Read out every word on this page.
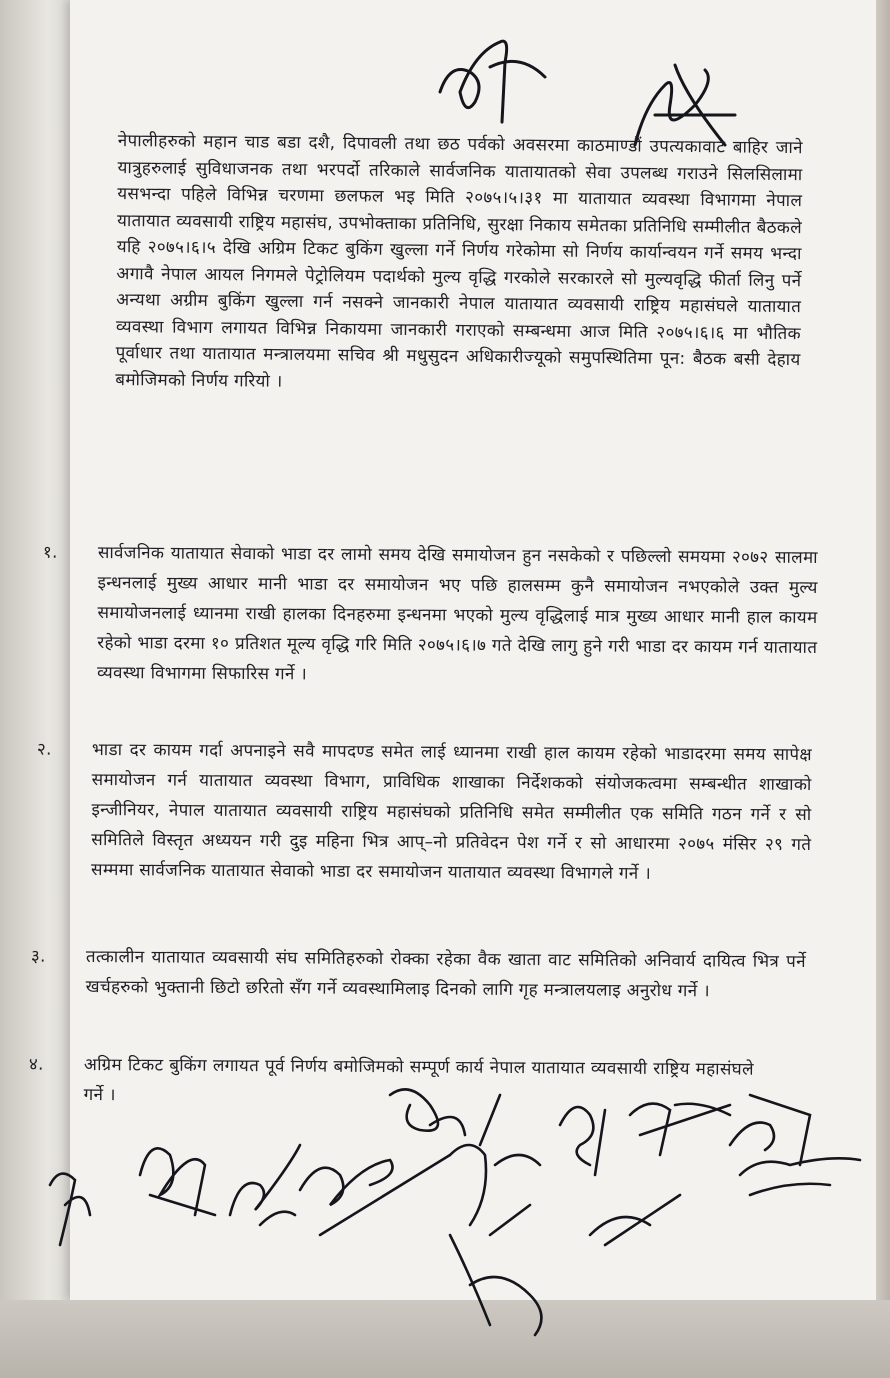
नेपालीहरुको महान चाड बडा दशै, दिपावली तथा छठ पर्वको अवसरमा काठमाण्डौं उपत्यकावाट बाहिर जाने यात्रुहरुलाई सुविधाजनक तथा भरपर्दो तरिकाले सार्वजनिक यातायातको सेवा उपलब्ध गराउने सिलसिलामा यसभन्दा पहिले विभिन्न चरणमा छलफल भइ मिति २०७५।५।३१ मा यातायात व्यवस्था विभागमा नेपाल यातायात व्यवसायी राष्ट्रिय महासंघ, उपभोक्ताका प्रतिनिधि, सुरक्षा निकाय समेतका प्रतिनिधि सम्मीलीत बैठकले यहि २०७५।६।५ देखि अग्रिम टिकट बुकिंग खुल्ला गर्ने निर्णय गरेकोमा सो निर्णय कार्यान्वयन गर्ने समय भन्दा अगावै नेपाल आयल निगमले पेट्रोलियम पदार्थको मुल्य वृद्धि गरकोले सरकारले सो मुल्यवृद्धि फीर्ता लिनु पर्ने अन्यथा अग्रीम बुकिंग खुल्ला गर्न नसक्ने जानकारी नेपाल यातायात व्यवसायी राष्ट्रिय महासंघले यातायात व्यवस्था विभाग लगायत विभिन्न निकायमा जानकारी गराएको सम्बन्धमा आज मिति २०७५।६।६ मा भौतिक पूर्वाधार तथा यातायात मन्त्रालयमा सचिव श्री मधुसुदन अधिकारीज्यूको समुपस्थितिमा पून: बैठक बसी देहाय बमोजिमको निर्णय गरियो ।
१. सार्वजनिक यातायात सेवाको भाडा दर लामो समय देखि समायोजन हुन नसकेको र पछिल्लो समयमा २०७२ सालमा इन्धनलाई मुख्य आधार मानी भाडा दर समायोजन भए पछि हालसम्म कुनै समायोजन नभएकोले उक्त मुल्य समायोजनलाई ध्यानमा राखी हालका दिनहरुमा इन्धनमा भएको मुल्य वृद्धिलाई मात्र मुख्य आधार मानी हाल कायम रहेको भाडा दरमा १० प्रतिशत मूल्य वृद्धि गरि मिति २०७५।६।७ गते देखि लागु हुने गरी भाडा दर कायम गर्न यातायात व्यवस्था विभागमा सिफारिस गर्ने ।
२. भाडा दर कायम गर्दा अपनाइने सवै मापदण्ड समेत लाई ध्यानमा राखी हाल कायम रहेको भाडादरमा समय सापेक्ष समायोजन गर्न यातायात व्यवस्था विभाग, प्राविधिक शाखाका निर्देशकको संयोजकत्वमा सम्बन्धीत शाखाको इन्जीनियर, नेपाल यातायात व्यवसायी राष्ट्रिय महासंघको प्रतिनिधि समेत सम्मीलीत एक समिति गठन गर्ने र सो समितिले विस्तृत अध्ययन गरी दुइ महिना भित्र आप्–नो प्रतिवेदन पेश गर्ने र सो आधारमा २०७५ मंसिर २९ गते सम्ममा सार्वजनिक यातायात सेवाको भाडा दर समायोजन यातायात व्यवस्था विभागले गर्ने ।
३. तत्कालीन यातायात व्यवसायी संघ समितिहरुको रोक्का रहेका वैक खाता वाट समितिको अनिवार्य दायित्व भित्र पर्ने खर्चहरुको भुक्तानी छिटो छरितो सँग गर्ने व्यवस्थामिलाइ दिनको लागि गृह मन्त्रालयलाइ अनुरोध गर्ने ।
४. अग्रिम टिकट बुकिंग लगायत पूर्व निर्णय बमोजिमको सम्पूर्ण कार्य नेपाल यातायात व्यवसायी राष्ट्रिय महासंघले गर्ने ।
